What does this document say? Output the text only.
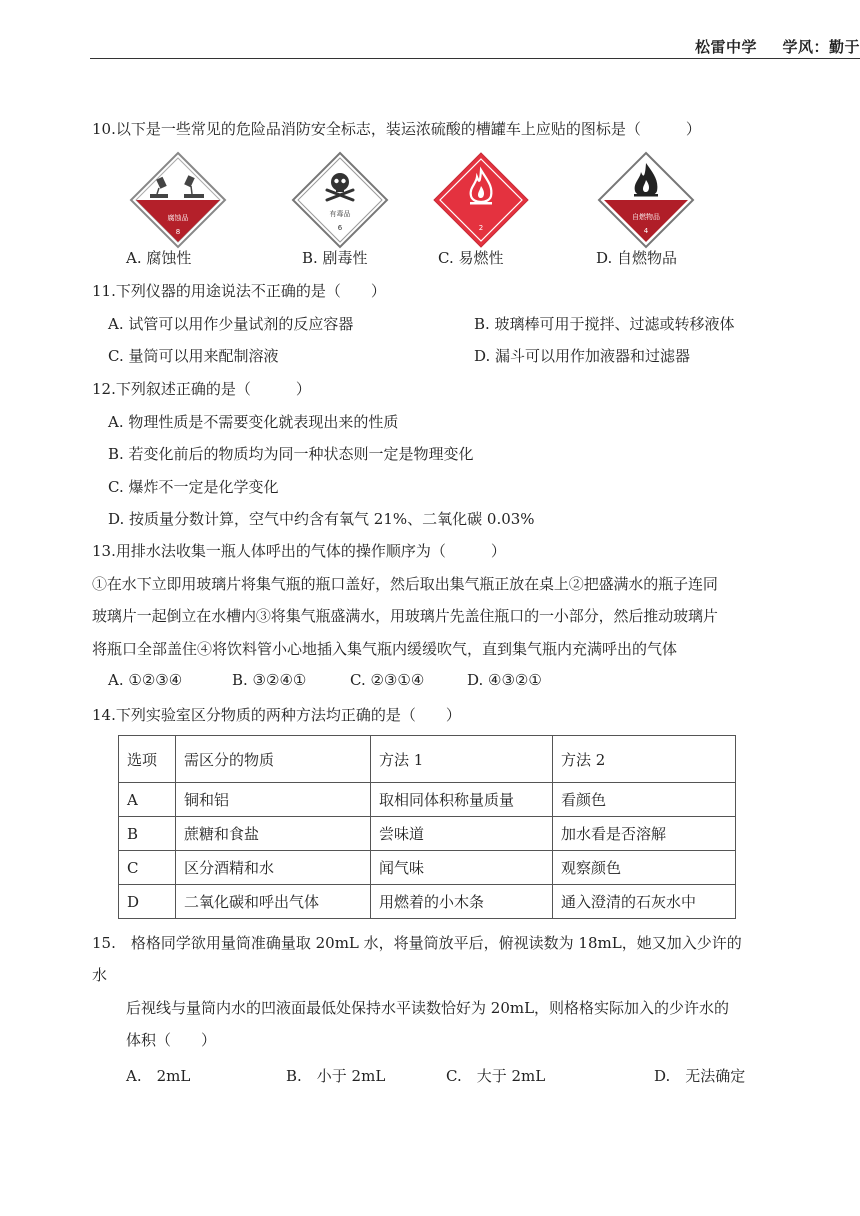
松雷中学 学风：勤于
10.以下是一些常见的危险品消防安全标志，装运浓硫酸的槽罐车上应贴的图标是（　　　）
腐蚀品
8
有毒品
6	2
自燃物品
4
A. 腐蚀性	B. 剧毒性	C. 易燃性	D. 自燃物品
11.下列仪器的用途说法不正确的是（　　）
A. 试管可以用作少量试剂的反应容器	B. 玻璃棒可用于搅拌、过滤或转移液体
C. 量筒可以用来配制溶液	D. 漏斗可以用作加液器和过滤器
12.下列叙述正确的是（　　　）
A. 物理性质是不需要变化就表现出来的性质
B. 若变化前后的物质均为同一种状态则一定是物理变化
C. 爆炸不一定是化学变化
D. 按质量分数计算，空气中约含有氧气 21%、二氧化碳 0.03%
13.用排水法收集一瓶人体呼出的气体的操作顺序为（　　　）
①在水下立即用玻璃片将集气瓶的瓶口盖好，然后取出集气瓶正放在桌上②把盛满水的瓶子连同
玻璃片一起倒立在水槽内③将集气瓶盛满水，用玻璃片先盖住瓶口的一小部分，然后推动玻璃片
将瓶口全部盖住④将饮料管小心地插入集气瓶内缓缓吹气，直到集气瓶内充满呼出的气体
A. ①②③④	B. ③②④①	C. ②③①④	D. ④③②①
14.下列实验室区分物质的两种方法均正确的是（　　）
选项	需区分的物质	方法 1	方法 2
A	铜和铝	取相同体积称量质量	看颜色
B	蔗糖和食盐	尝味道	加水看是否溶解
C	区分酒精和水	闻气味	观察颜色
D	二氧化碳和呼出气体	用燃着的小木条	通入澄清的石灰水中
15.　格格同学欲用量筒准确量取 20mL 水，将量筒放平后，俯视读数为 18mL，她又加入少许的
水
后视线与量筒内水的凹液面最低处保持水平读数恰好为 20mL，则格格实际加入的少许水的
体积（　　）
A.　2mL	B.　小于 2mL	C.　大于 2mL	D.　无法确定
